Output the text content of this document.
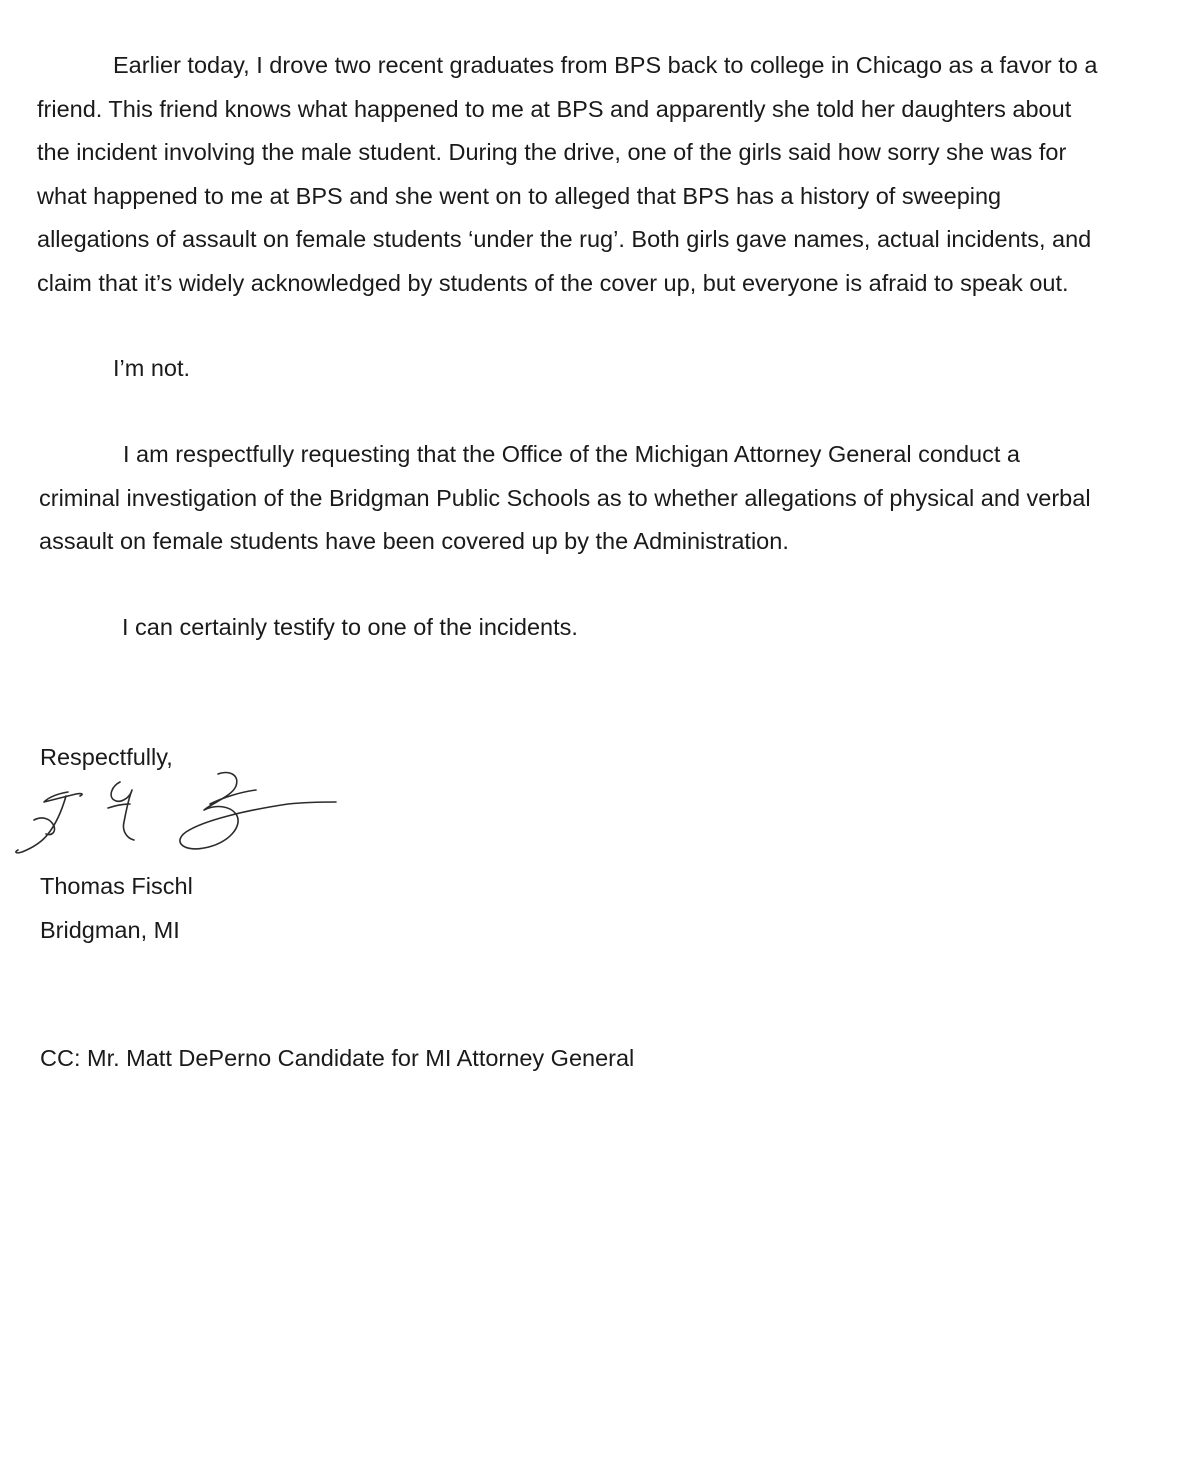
Earlier today, I drove two recent graduates from BPS back to college in Chicago as a favor to a
friend. This friend knows what happened to me at BPS and apparently she told her daughters about
the incident involving the male student. During the drive, one of the girls said how sorry she was for
what happened to me at BPS and she went on to alleged that BPS has a history of sweeping
allegations of assault on female students ‘under the rug’. Both girls gave names, actual incidents, and
claim that it’s widely acknowledged by students of the cover up, but everyone is afraid to speak out.
I’m not.
I am respectfully requesting that the Office of the Michigan Attorney General conduct a
criminal investigation of the Bridgman Public Schools as to whether allegations of physical and verbal
assault on female students have been covered up by the Administration.
I can certainly testify to one of the incidents.
Respectfully,
Thomas Fischl
Bridgman, MI
CC: Mr. Matt DePerno Candidate for MI Attorney General
